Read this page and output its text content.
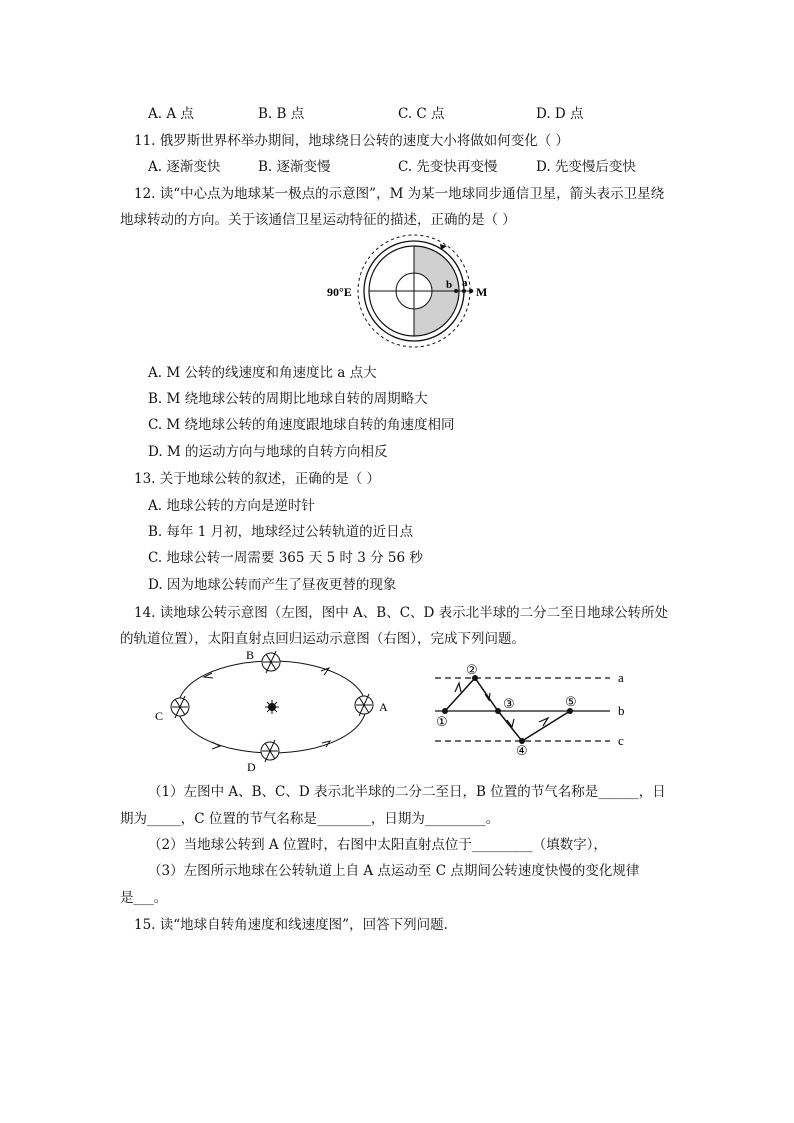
A. A 点	B. B 点	C. C 点	D. D 点
11. 俄罗斯世界杯举办期间，地球绕日公转的速度大小将做如何变化（ ）
A. 逐渐变快	B. 逐渐变慢	C. 先变快再变慢	D. 先变慢后变快
12. 读“中心点为地球某一极点的示意图”，M 为某一地球同步通信卫星，箭头表示卫星绕
地球转动的方向。关于该通信卫星运动特征的描述，正确的是（ ）
90°E	b a
M
A. M 公转的线速度和角速度比 a 点大
B. M 绕地球公转的周期比地球自转的周期略大
C. M 绕地球公转的角速度跟地球自转的角速度相同
D. M 的运动方向与地球的自转方向相反
13. 关于地球公转的叙述，正确的是（ ）
A. 地球公转的方向是逆时针
B. 每年 1 月初，地球经过公转轨道的近日点
C. 地球公转一周需要 365 天 5 时 3 分 56 秒
D. 因为地球公转而产生了昼夜更替的现象
14. 读地球公转示意图（左图，图中 A、B、C、D 表示北半球的二分二至日地球公转所处
的轨道位置），太阳直射点回归运动示意图（右图），完成下列问题。
B
C
A
D
①
②
③
④
⑤
a
b
c
（1）左图中 A、B、C、D 表示北半球的二分二至日，B 位置的节气名称是______，日
期为_____，C 位置的节气名称是________，日期为_________。
（2）当地球公转到 A 位置时，右图中太阳直射点位于_________（填数字），
（3）左图所示地球在公转轨道上自 A 点运动至 C 点期间公转速度快慢的变化规律
是___。
15. 读“地球自转角速度和线速度图”，回答下列问题.
